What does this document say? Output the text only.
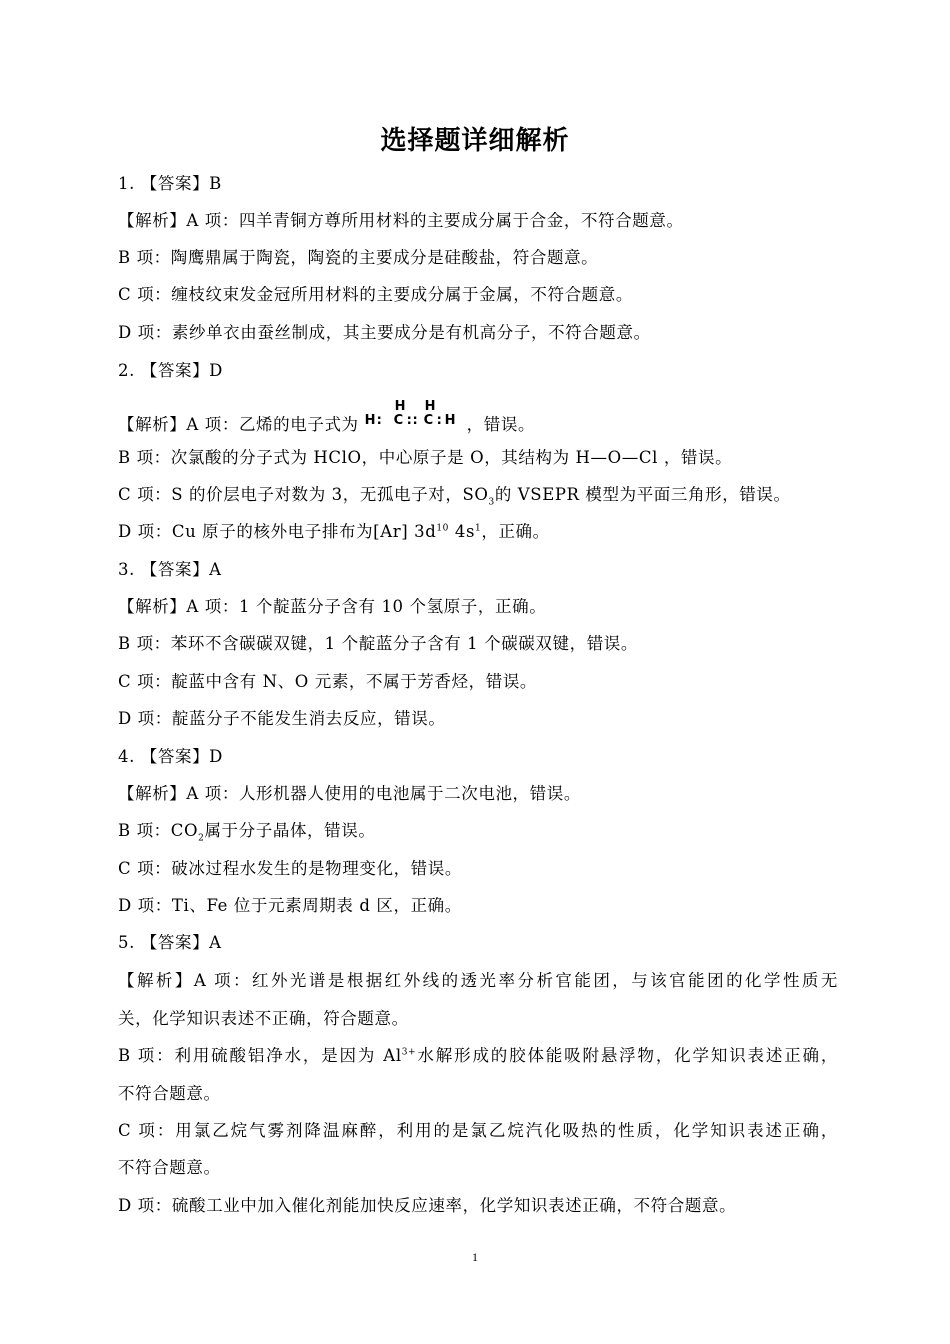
选择题详细解析
1. 【答案】B
【解析】A 项：四羊青铜方尊所用材料的主要成分属于合金，不符合题意。
B 项：陶鹰鼎属于陶瓷，陶瓷的主要成分是硅酸盐，符合题意。
C 项：缠枝纹束发金冠所用材料的主要成分属于金属，不符合题意。
D 项：素纱单衣由蚕丝制成，其主要成分是有机高分子，不符合题意。
2. 【答案】D
【解析】A 项：乙烯的电子式为
H H
H : C :: C : H ，错误。
B 项：次氯酸的分子式为 HClO，中心原子是 O，其结构为 H—O—Cl ，错误。
C 项：S 的价层电子对数为 3，无孤电子对，$SO_3$的 VSEPR 模型为平面三角形，错误。
D 项：Cu 原子的核外电子排布为[Ar] $3d^{10}$ $4s^1$，正确。
3. 【答案】A
【解析】A 项：1 个靛蓝分子含有 10 个氢原子，正确。
B 项：苯环不含碳碳双键，1 个靛蓝分子含有 1 个碳碳双键，错误。
C 项：靛蓝中含有 N、O 元素，不属于芳香烃，错误。
D 项：靛蓝分子不能发生消去反应，错误。
4. 【答案】D
【解析】A 项：人形机器人使用的电池属于二次电池，错误。
B 项：$CO_2$属于分子晶体，错误。
C 项：破冰过程水发生的是物理变化，错误。
D 项：Ti、Fe 位于元素周期表 d 区，正确。
5. 【答案】A
【解析】A 项：红外光谱是根据红外线的透光率分析官能团，与该官能团的化学性质无
关，化学知识表述不正确，符合题意。
B 项：利用硫酸铝净水，是因为 $Al^{3+}$水解形成的胶体能吸附悬浮物，化学知识表述正确，
不符合题意。
C 项：用氯乙烷气雾剂降温麻醉，利用的是氯乙烷汽化吸热的性质，化学知识表述正确，
不符合题意。
D 项：硫酸工业中加入催化剂能加快反应速率，化学知识表述正确，不符合题意。
1
